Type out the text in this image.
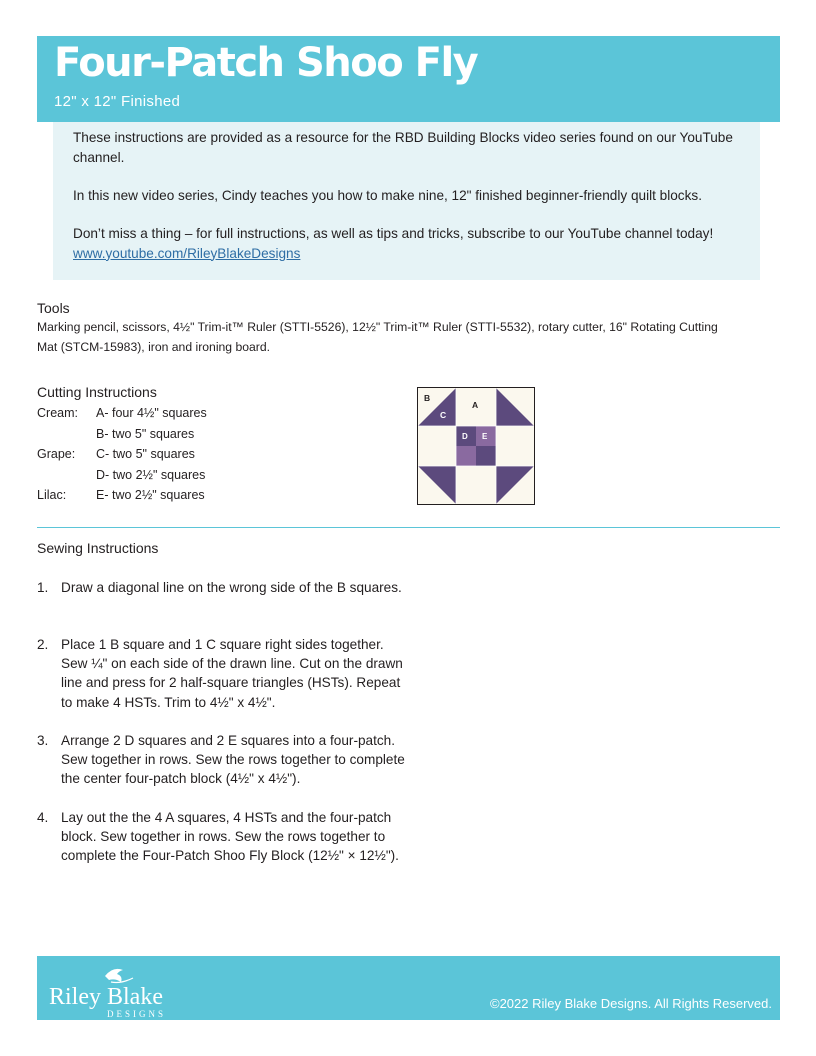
Four-Patch Shoo Fly
12" x 12" Finished

These instructions are provided as a resource for the RBD Building Blocks video series found on our YouTube channel.

In this new video series, Cindy teaches you how to make nine, 12" finished beginner-friendly quilt blocks.

Don’t miss a thing – for full instructions, as well as tips and tricks, subscribe to our YouTube channel today! www.youtube.com/RileyBlakeDesigns

Tools
Marking pencil, scissors, 4½" Trim-it™ Ruler (STTI-5526), 12½" Trim-it™ Ruler (STTI-5532), rotary cutter, 16" Rotating Cutting Mat (STCM-15983), iron and ironing board.
Cutting Instructions
Cream:	A- four 4½" squares
B- two 5" squares
Grape:	C- two 5" squares
D- two 2½" squares
Lilac:	E- two 2½" squares
B
C
A
D E
Sewing Instructions
1. Draw a diagonal line on the wrong side of the B squares.
2. Place 1 B square and 1 C square right sides together. Sew ¼" on each side of the drawn line. Cut on the drawn line and press for 2 half-square triangles (HSTs). Repeat to make 4 HSTs. Trim to 4½" x 4½".
3. Arrange 2 D squares and 2 E squares into a four-patch. Sew together in rows. Sew the rows together to complete the center four-patch block (4½" x 4½").
4. Lay out the the 4 A squares, 4 HSTs and the four-patch block. Sew together in rows. Sew the rows together to complete the Four-Patch Shoo Fly Block (12½" × 12½").
Riley Blake
DESIGNS
©2022 Riley Blake Designs. All Rights Reserved.
